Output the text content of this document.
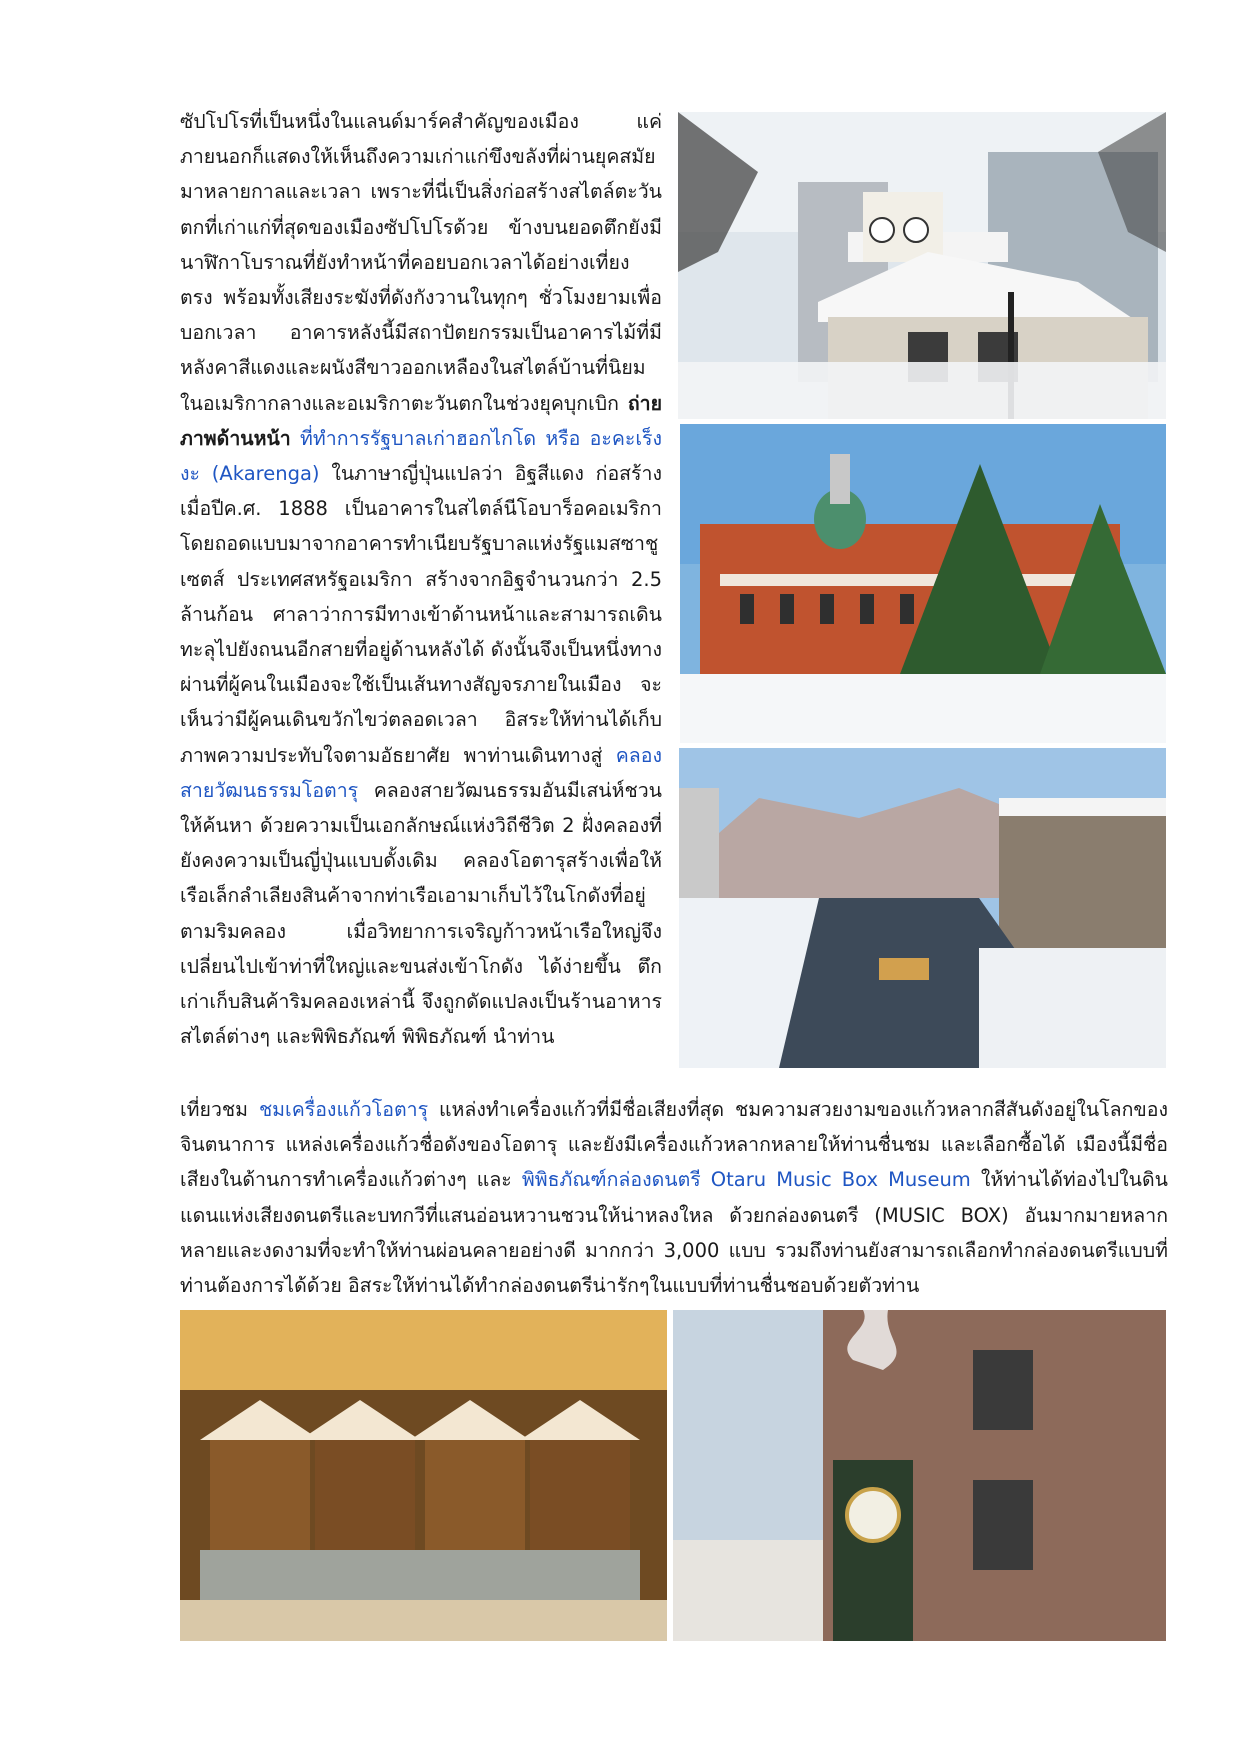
ซัปโปโรที่เป็นหนึ่งในแลนด์มาร์คสำคัญของเมือง แค่ภายนอกก็แสดงให้เห็นถึงความเก่าแก่ขึงขลังที่ผ่านยุคสมัยมาหลายกาลและเวลา เพราะที่นี่เป็นสิ่งก่อสร้างสไตล์ตะวันตกที่เก่าแก่ที่สุดของเมืองซัปโปโรด้วย ข้างบนยอดตึกยังมีนาฬิกาโบราณที่ยังทำหน้าที่คอยบอกเวลาได้อย่างเที่ยงตรง พร้อมทั้งเสียงระฆังที่ดังกังวานในทุกๆ ชั่วโมงยามเพื่อบอกเวลา อาคารหลังนี้มีสถาปัตยกรรมเป็นอาคารไม้ที่มีหลังคาสีแดงและผนังสีขาวออกเหลืองในสไตล์บ้านที่นิยมในอเมริกากลางและอเมริกาตะวันตกในช่วงยุคบุกเบิก ถ่ายภาพด้านหน้า ที่ทำการรัฐบาลเก่าฮอกไกโด หรือ อะคะเร็งงะ (Akarenga) ในภาษาญี่ปุ่นแปลว่า อิฐสีแดง ก่อสร้างเมื่อปีค.ศ. 1888 เป็นอาคารในสไตล์นีโอบาร็อคอเมริกาโดยถอดแบบมาจากอาคารทำเนียบรัฐบาลแห่งรัฐแมสซาชูเซตส์ ประเทศสหรัฐอเมริกา สร้างจากอิฐจำนวนกว่า 2.5 ล้านก้อน ศาลาว่าการมีทางเข้าด้านหน้าและสามารถเดินทะลุไปยังถนนอีกสายที่อยู่ด้านหลังได้ ดังนั้นจึงเป็นหนึ่งทางผ่านที่ผู้คนในเมืองจะใช้เป็นเส้นทางสัญจรภายในเมือง จะเห็นว่ามีผู้คนเดินขวักไขว่ตลอดเวลา อิสระให้ท่านได้เก็บภาพความประทับใจตามอัธยาศัย พาท่านเดินทางสู่ คลองสายวัฒนธรรมโอตารุ คลองสายวัฒนธรรมอันมีเสน่ห์ชวนให้ค้นหา ด้วยความเป็นเอกลักษณ์แห่งวิถีชีวิต 2 ฝั่งคลองที่ยังคงความเป็นญี่ปุ่นแบบดั้งเดิม คลองโอตารุสร้างเพื่อให้เรือเล็กลำเลียงสินค้าจากท่าเรือเอามาเก็บไว้ในโกดังที่อยู่ตามริมคลอง เมื่อวิทยาการเจริญก้าวหน้าเรือใหญ่จึงเปลี่ยนไปเข้าท่าที่ใหญ่และขนส่งเข้าโกดัง ได้ง่ายขึ้น ตึกเก่าเก็บสินค้าริมคลองเหล่านี้ จึงถูกดัดแปลงเป็นร้านอาหารสไตล์ต่างๆ และพิพิธภัณฑ์ พิพิธภัณฑ์ นำท่าน

เที่ยวชม ชมเครื่องแก้วโอตารุ แหล่งทำเครื่องแก้วที่มีชื่อเสียงที่สุด ชมความสวยงามของแก้วหลากสีสันดังอยู่ในโลกของจินตนาการ แหล่งเครื่องแก้วชื่อดังของโอตารุ และยังมีเครื่องแก้วหลากหลายให้ท่านชื่นชม และเลือกซื้อได้ เมืองนี้มีชื่อเสียงในด้านการทำเครื่องแก้วต่างๆ และ พิพิธภัณฑ์กล่องดนตรี Otaru Music Box Museum ให้ท่านได้ท่องไปในดินแดนแห่งเสียงดนตรีและบทกวีที่แสนอ่อนหวานชวนให้น่าหลงใหล ด้วยกล่องดนตรี (MUSIC BOX) อันมากมายหลากหลายและงดงามที่จะทำให้ท่านผ่อนคลายอย่างดี มากกว่า 3,000 แบบ รวมถึงท่านยังสามารถเลือกทำกล่องดนตรีแบบที่ท่านต้องการได้ด้วย อิสระให้ท่านได้ทำกล่องดนตรีน่ารักๆในแบบที่ท่านชื่นชอบด้วยตัวท่าน
